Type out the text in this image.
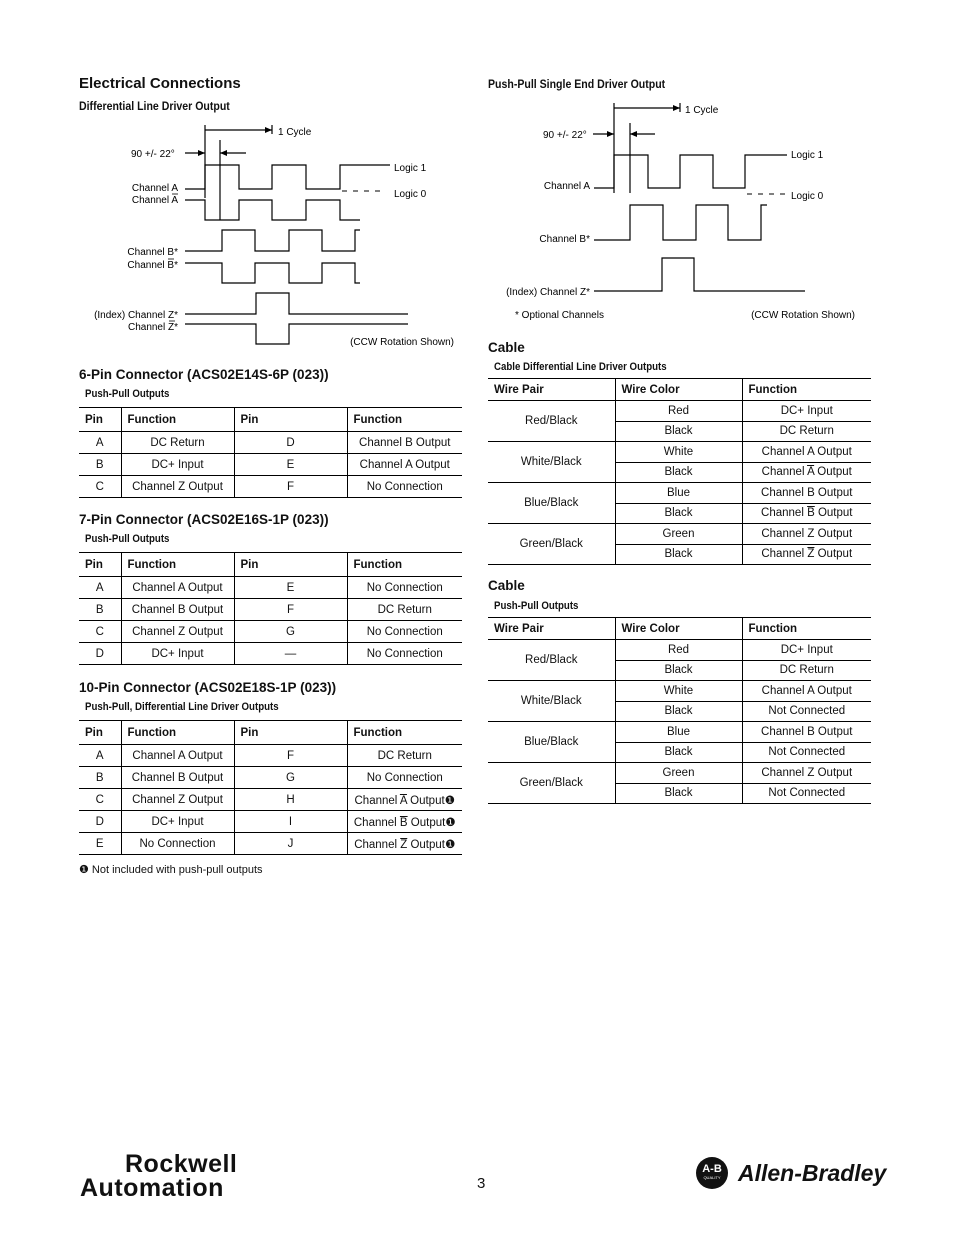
Electrical Connections
Differential Line Driver Output
1 Cycle
90 +/- 22°
Logic 1
Logic 0
Channel A
Channel A
Channel B*
Channel B*
(Index) Channel Z*
Channel Z*
(CCW Rotation Shown)
6-Pin Connector (ACS02E14S-6P (023))
Push-Pull Outputs
Pin	Function	Pin	Function
A	DC Return	D	Channel B Output
B	DC+ Input	E	Channel A Output
C	Channel Z Output	F	No Connection
7-Pin Connector (ACS02E16S-1P (023))
Push-Pull Outputs
Pin	Function	Pin	Function
A	Channel A Output	E	No Connection
B	Channel B Output	F	DC Return
C	Channel Z Output	G	No Connection
D	DC+ Input	—	No Connection
10-Pin Connector (ACS02E18S-1P (023))
Push-Pull, Differential Line Driver Outputs
Pin	Function	Pin	Function
A	Channel A Output	F	DC Return
B	Channel B Output	G	No Connection
C	Channel Z Output	H	Channel $\overline{A}$ Output❶
D	DC+ Input	I	Channel $\overline{B}$ Output❶
E	No Connection	J	Channel $\overline{Z}$ Output❶
❶ Not included with push-pull outputs
Push-Pull Single End Driver Output
1 Cycle
90 +/- 22°
Logic 1
Logic 0
Channel A
Channel B*
(Index) Channel Z*
* Optional Channels	(CCW Rotation Shown)
Cable
Cable Differential Line Driver Outputs
Wire Pair	Wire Color	Function
Red/Black	Red	DC+ Input
	Black	DC Return
White/Black	White	Channel A Output
	Black	Channel $\overline{A}$ Output
Blue/Black	Blue	Channel B Output
	Black	Channel $\overline{B}$ Output
Green/Black	Green	Channel Z Output
	Black	Channel $\overline{Z}$ Output
Cable
Push-Pull Outputs
Wire Pair	Wire Color	Function
Red/Black	Red	DC+ Input
	Black	DC Return
White/Black	White	Channel A Output
	Black	Not Connected
Blue/Black	Blue	Channel B Output
	Black	Not Connected
Green/Black	Green	Channel Z Output
	Black	Not Connected
Rockwell
Automation	3
A-B
QUALITY Allen-Bradley
